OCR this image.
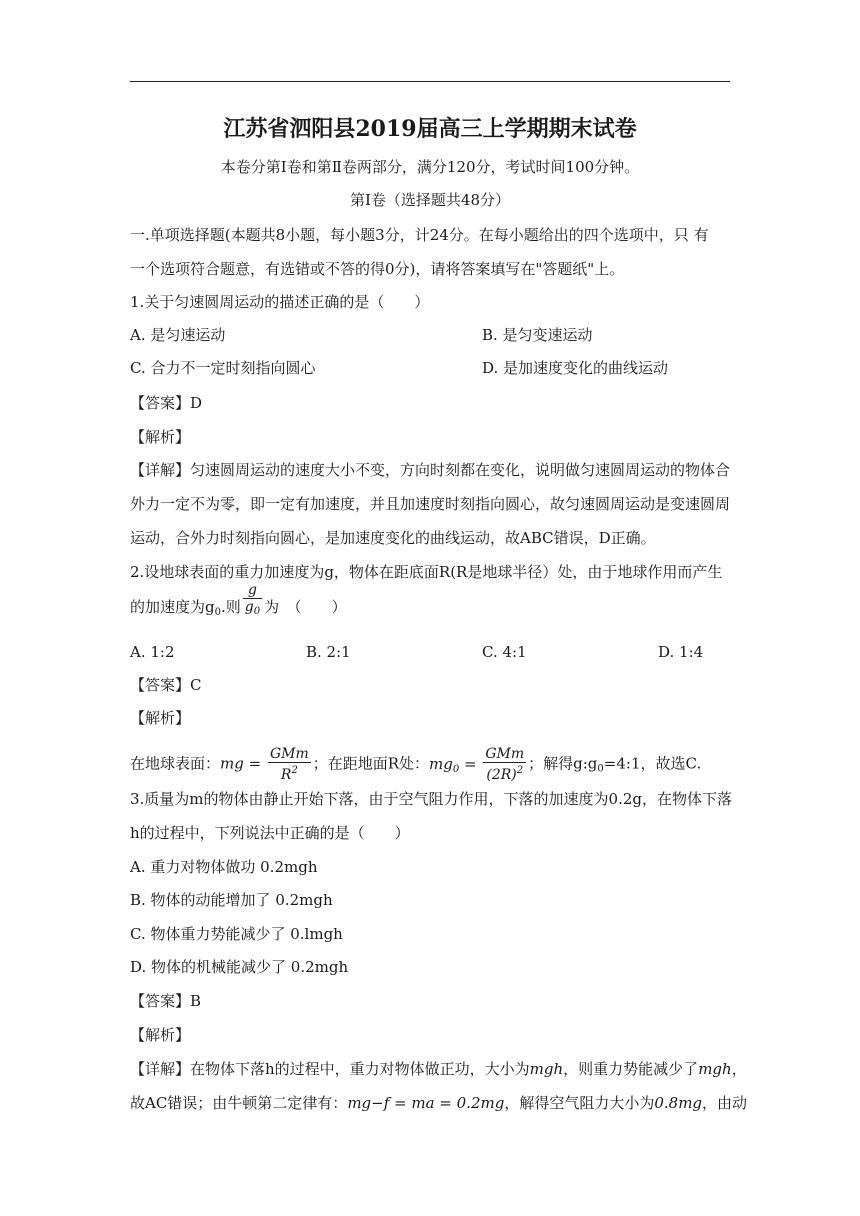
江苏省泗阳县2019届高三上学期期末试卷
本卷分第I卷和第Ⅱ卷两部分，满分120分，考试时间100分钟。
第I卷（选择题共48分）
一.单项选择题(本题共8小题，每小题3分，计24分。在每小题给出的四个选项中，只 有
一个选项符合题意，有选错或不答的得0分)，请将答案填写在"答题纸"上。
1.关于匀速圆周运动的描述正确的是（　　）
A. 是匀速运动	B. 是匀变速运动
C. 合力不一定时刻指向圆心	D. 是加速度变化的曲线运动
【答案】D
【解析】
【详解】匀速圆周运动的速度大小不变，方向时刻都在变化，说明做匀速圆周运动的物体合
外力一定不为零，即一定有加速度，并且加速度时刻指向圆心，故匀速圆周运动是变速圆周
运动，合外力时刻指向圆心，是加速度变化的曲线运动，故ABC错误，D正确。
2.设地球表面的重力加速度为g，物体在距底面R(R是地球半径）处，由于地球作用而产生
的加速度为$g_0$.则 $\frac{g}{g_0}$ 为　（　　）
A. 1:2	B. 2:1	C. 4:1	D. 1:4
【答案】C
【解析】
在地球表面：mg = $\frac{\text{GMm}}{R^2}$ ；在距地面R处：$mg_0 = \frac{\text{GMm}}{(2R)^2}$ ；解得$g:g_0=4:1$，故选C.
3.质量为m的物体由静止开始下落，由于空气阻力作用，下落的加速度为0.2g，在物体下落
h的过程中，下列说法中正确的是（　　）
A. 重力对物体做功 0.2mgh
B. 物体的动能增加了 0.2mgh
C. 物体重力势能减少了 0.lmgh
D. 物体的机械能减少了 0.2mgh
【答案】B
【解析】
【详解】在物体下落h的过程中，重力对物体做正功，大小为mgh，则重力势能减少了mgh，
故AC错误；由牛顿第二定律有：mg−f = ma = 0.2mg，解得空气阻力大小为0.8mg，由动
